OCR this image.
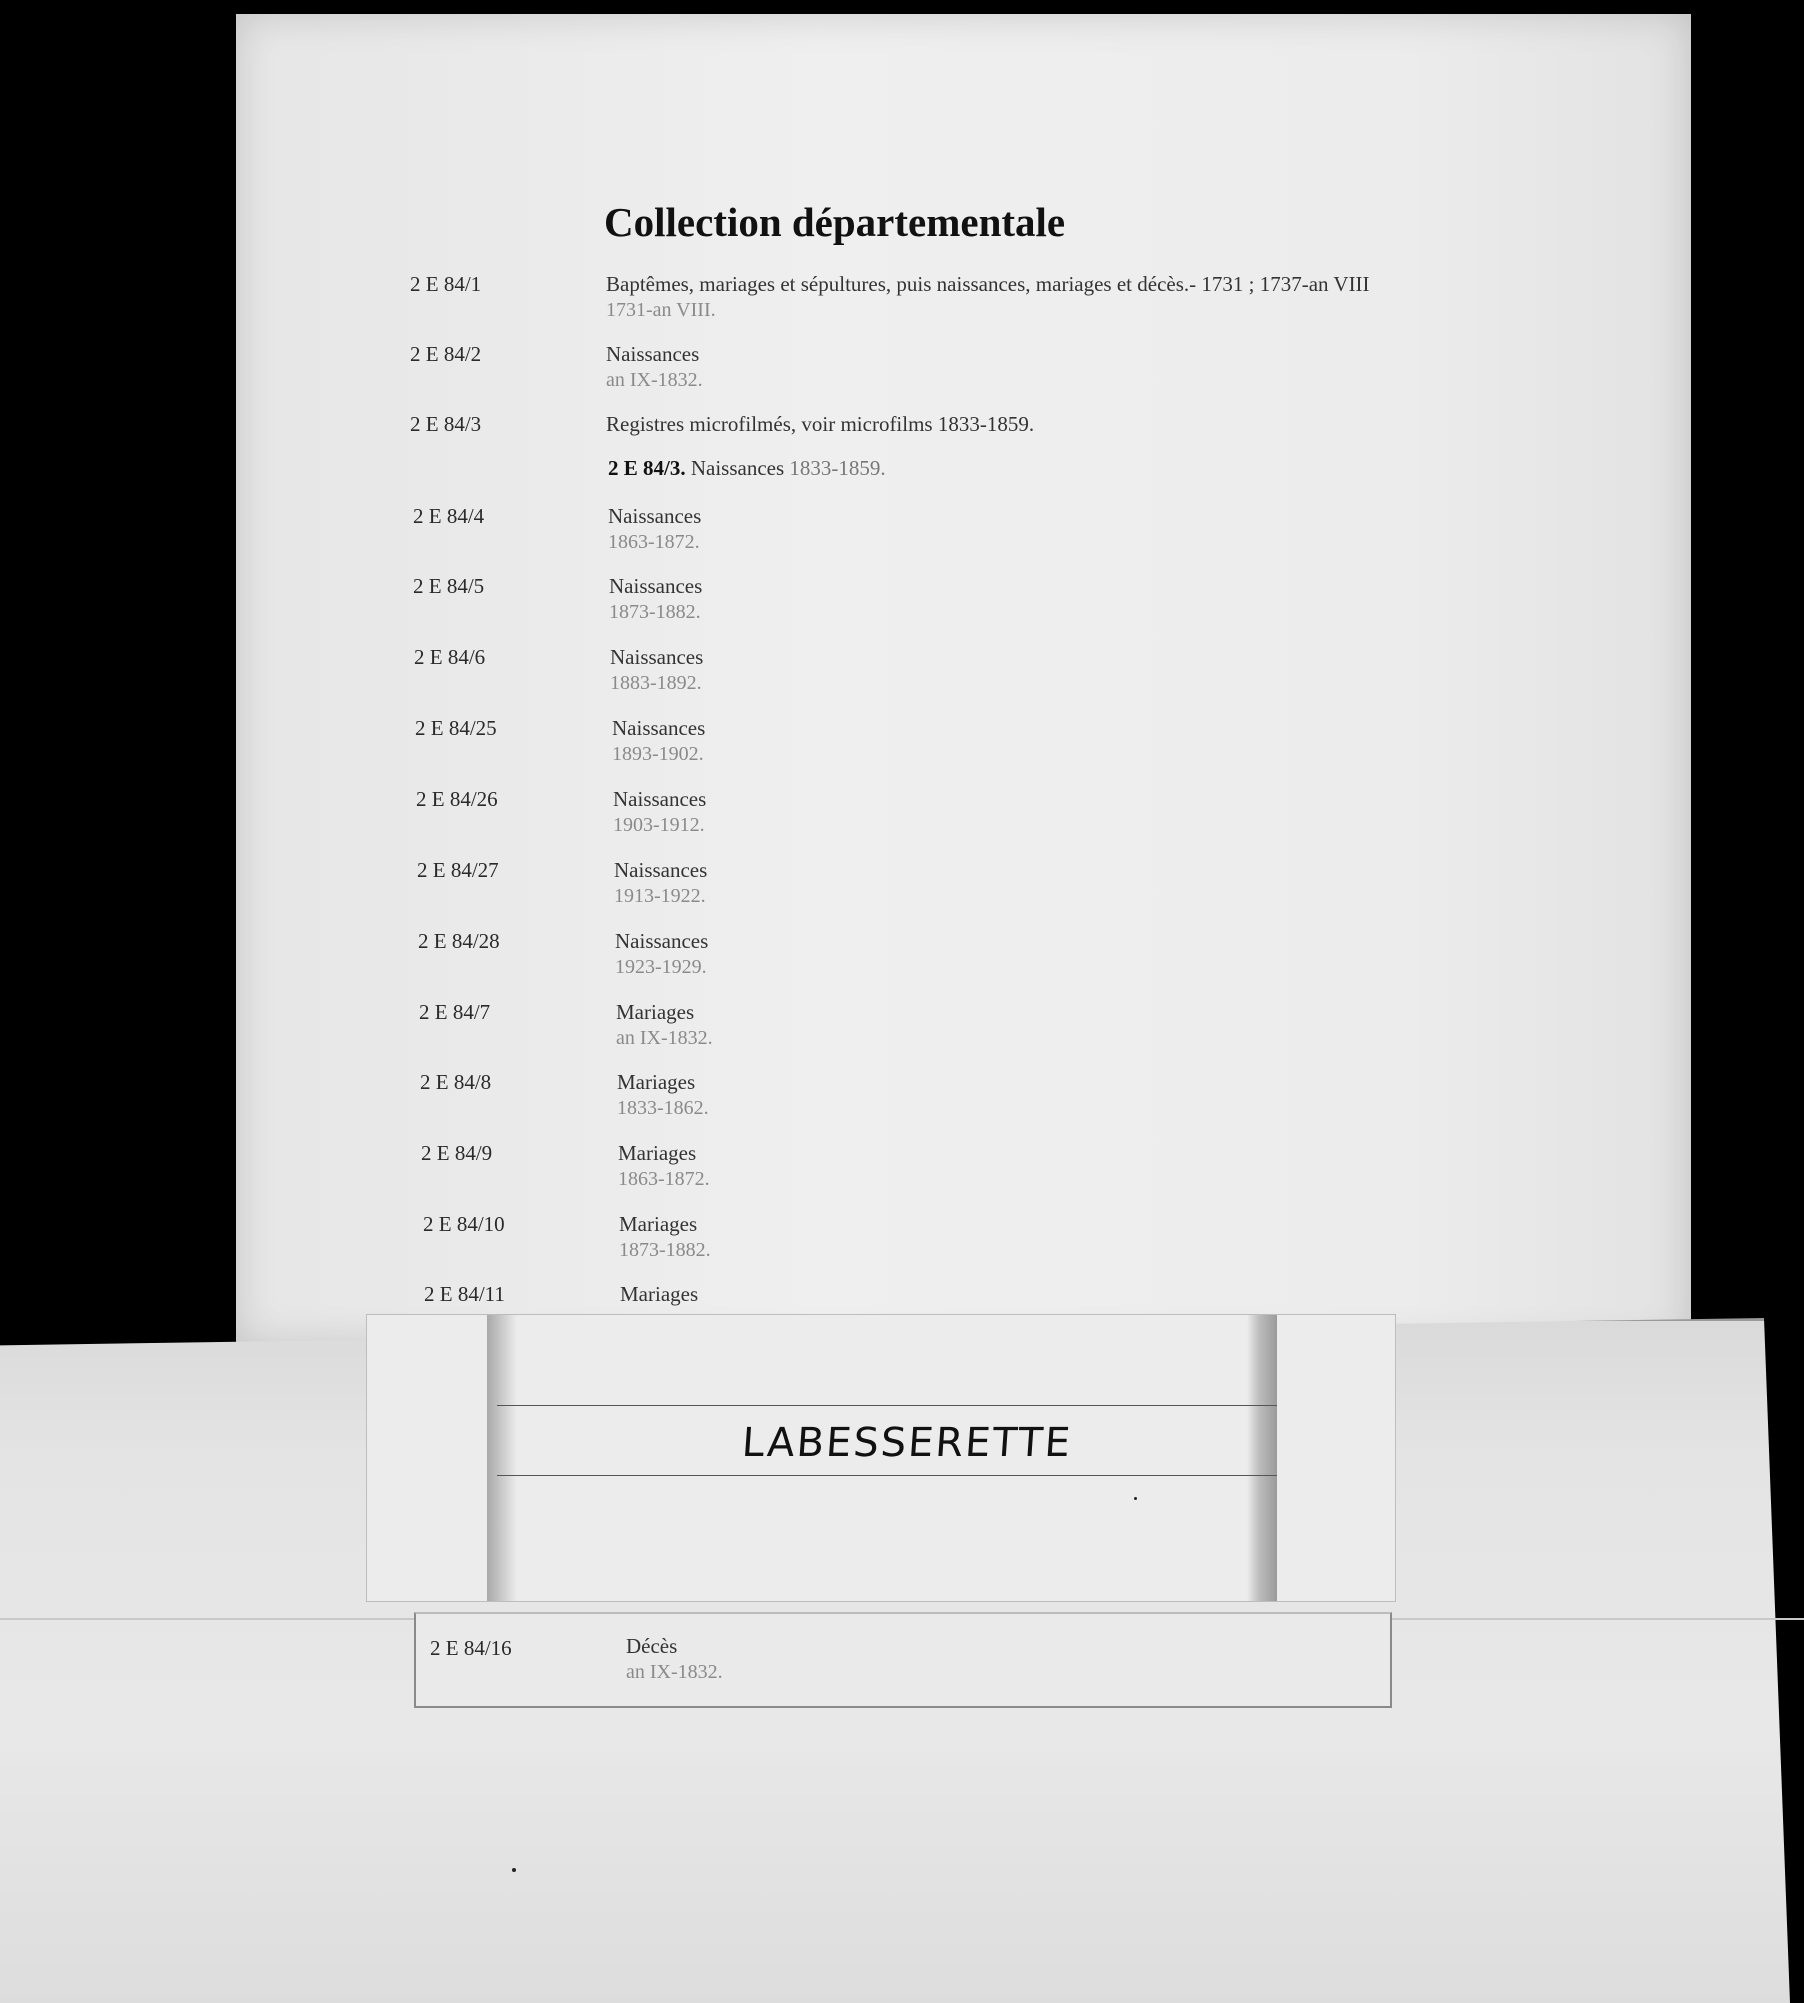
Collection départementale
2 E 84/1	Baptêmes, mariages et sépultures, puis naissances, mariages et décès.- 1731 ; 1737-an VIII
1731-an VIII.
2 E 84/2	Naissances
an IX-1832.
2 E 84/3	Registres microfilmés, voir microfilms 1833-1859.
2 E 84/3. Naissances 1833-1859.
2 E 84/4	Naissances
1863-1872.
2 E 84/5	Naissances
1873-1882.
2 E 84/6	Naissances
1883-1892.
2 E 84/25	Naissances
1893-1902.
2 E 84/26	Naissances
1903-1912.
2 E 84/27	Naissances
1913-1922.
2 E 84/28	Naissances
1923-1929.
2 E 84/7	Mariages
an IX-1832.
2 E 84/8	Mariages
1833-1862.
2 E 84/9	Mariages
1863-1872.
2 E 84/10	Mariages
1873-1882.
2 E 84/11	Mariages
LABESSERETTE
2 E 84/16	Décès
an IX-1832.
